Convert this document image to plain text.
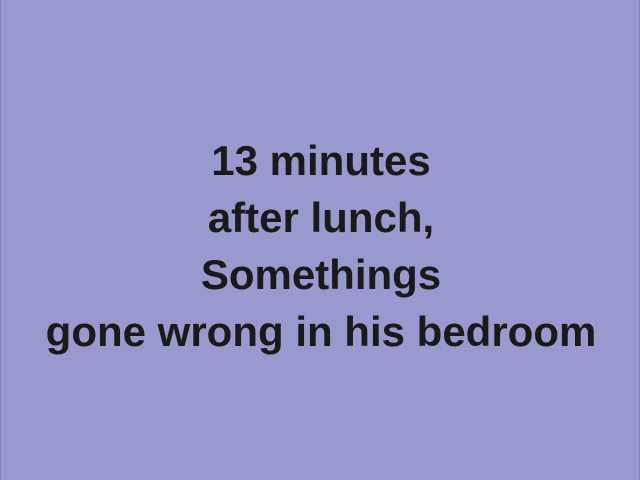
13 minutes
after lunch,
Somethings
gone wrong in his bedroom
